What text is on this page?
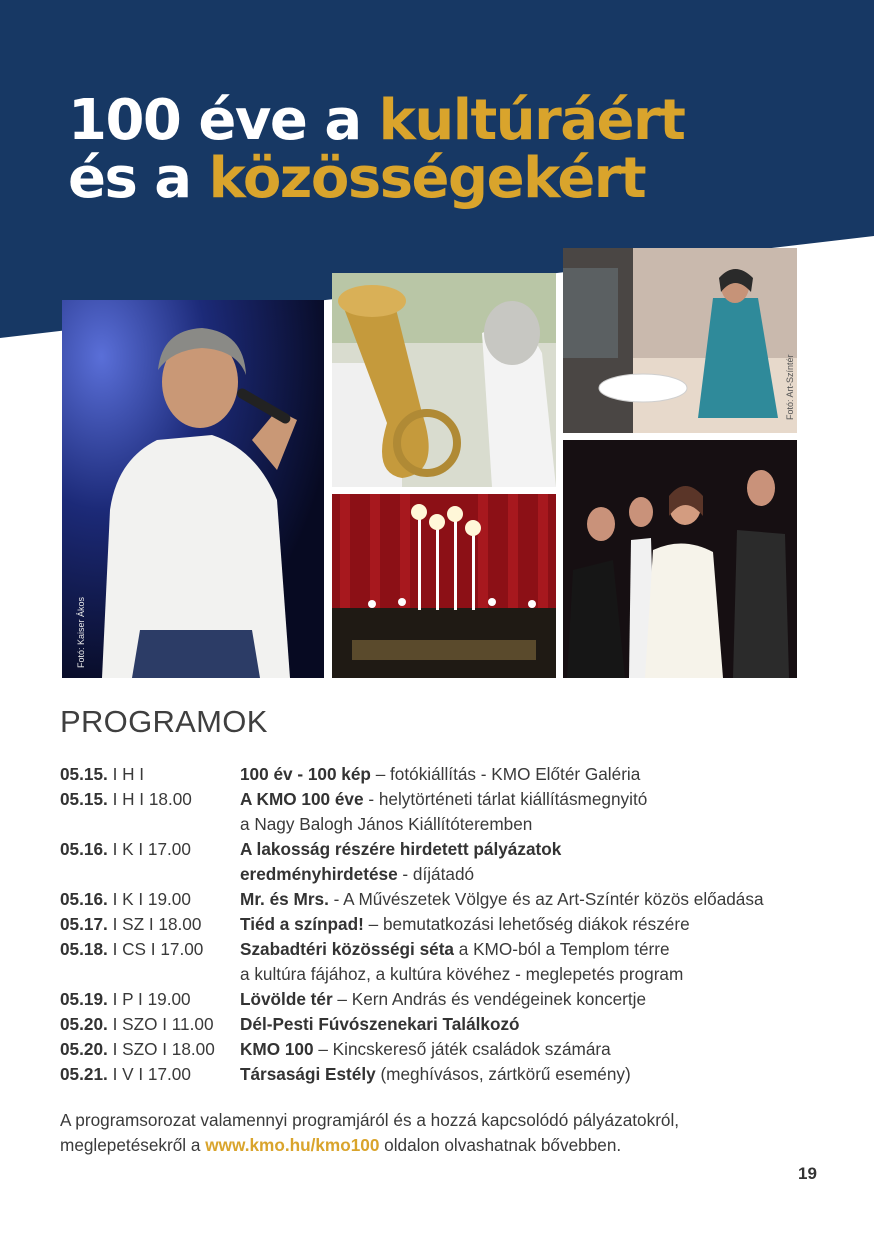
100 éve a kultúráért
és a közösségekért
Fotó: Kaiser Ákos
Fotó: Art-Színtér
PROGRAMOK
05.15. I H I	100 év - 100 kép – fotókiállítás - KMO Előtér Galéria
05.15. I H I 18.00	A KMO 100 éve - helytörténeti tárlat kiállításmegnyitó
a Nagy Balogh János Kiállítóteremben
05.16. I K I 17.00	A lakosság részére hirdetett pályázatok
eredményhirdetése - díjátadó
05.16. I K I 19.00	Mr. és Mrs. - A Művészetek Völgye és az Art-Színtér közös előadása
05.17. I SZ I 18.00 Tiéd a színpad! – bemutatkozási lehetőség diákok részére
05.18. I CS I 17.00 Szabadtéri közösségi séta a KMO-ból a Templom térre
a kultúra fájához, a kultúra kövéhez - meglepetés program
05.19. I P I 19.00	Lövölde tér – Kern András és vendégeinek koncertje
05.20. I SZO I 11.00 Dél-Pesti Fúvószenekari Találkozó
05.20. I SZO I 18.00 KMO 100 – Kincskereső játék családok számára
05.21. I V I 17.00	Társasági Estély (meghívásos, zártkörű esemény)
A programsorozat valamennyi programjáról és a hozzá kapcsolódó pályázatokról,
meglepetésekről a www.kmo.hu/kmo100 oldalon olvashatnak bővebben.
19
